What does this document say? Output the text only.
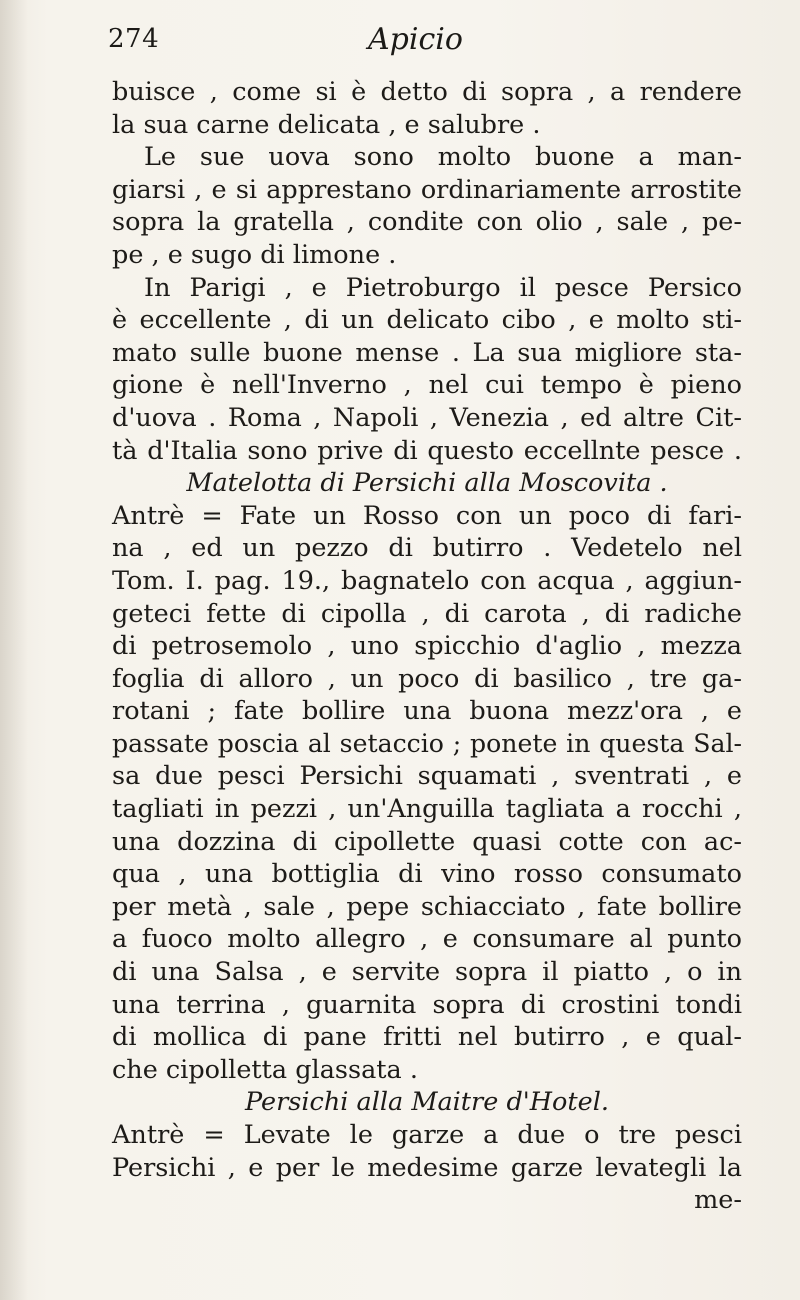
274	Apicio
buisce , come si è detto di sopra , a rendere
la sua carne delicata , e salubre .
Le sue uova sono molto buone a man-
giarsi , e si apprestano ordinariamente arrostite
sopra la gratella , condite con olio , sale , pe-
pe , e sugo di limone .
In Parigi , e Pietroburgo il pesce Persico
è eccellente , di un delicato cibo , e molto sti-
mato sulle buone mense . La sua migliore sta-
gione è nell'Inverno , nel cui tempo è pieno
d'uova . Roma , Napoli , Venezia , ed altre Cit-
tà d'Italia sono prive di questo eccellnte pesce .
Matelotta di Persichi alla Moscovita .
Antrè = Fate un Rosso con un poco di fari-
na , ed un pezzo di butirro . Vedetelo nel
Tom. I. pag. 19., bagnatelo con acqua , aggiun-
geteci fette di cipolla , di carota , di radiche
di petrosemolo , uno spicchio d'aglio , mezza
foglia di alloro , un poco di basilico , tre ga-
rotani ; fate bollire una buona mezz'ora , e
passate poscia al setaccio ; ponete in questa Sal-
sa due pesci Persichi squamati , sventrati , e
tagliati in pezzi , un'Anguilla tagliata a rocchi ,
una dozzina di cipollette quasi cotte con ac-
qua , una bottiglia di vino rosso consumato
per metà , sale , pepe schiacciato , fate bollire
a fuoco molto allegro , e consumare al punto
di una Salsa , e servite sopra il piatto , o in
una terrina , guarnita sopra di crostini tondi
di mollica di pane fritti nel butirro , e qual-
che cipolletta glassata .
Persichi alla Maitre d'Hotel.
Antrè = Levate le garze a due o tre pesci
Persichi , e per le medesime garze levategli la
me-
